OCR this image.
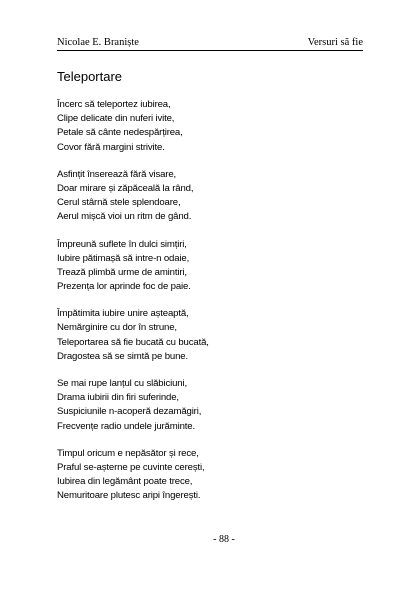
Nicolae E. Braniște	Versuri să fie
Teleportare
Încerc să teleportez iubirea,
Clipe delicate din nuferi ivite,
Petale să cânte nedespărțirea,
Covor fără margini strivite.
Asfințit însereazǎ fără visare,
Doar mirare și zăpăceală la rând,
Cerul stârnă stele splendoare,
Aerul mișcă vioi un ritm de gând.
Împreună suflete în dulci simțiri,
Iubire pătimașă să intre-n odaie,
Trează plimbă urme de amintiri,
Prezența lor aprinde foc de paie.
Împătimita iubire unire așteaptă,
Nemărginire cu dor în strune,
Teleportarea să fie bucată cu bucată,
Dragostea să se simtă pe bune.
Se mai rupe lanțul cu slăbiciuni,
Drama iubirii din firi suferinde,
Suspiciunile n-acoperă dezamăgiri,
Frecvențe radio undele jurăminte.
Timpul oricum e nepăsător și rece,
Praful se-așterne pe cuvinte cerești,
Iubirea din legământ poate trece,
Nemuritoare plutesc aripi îngerești.
- 88 -
